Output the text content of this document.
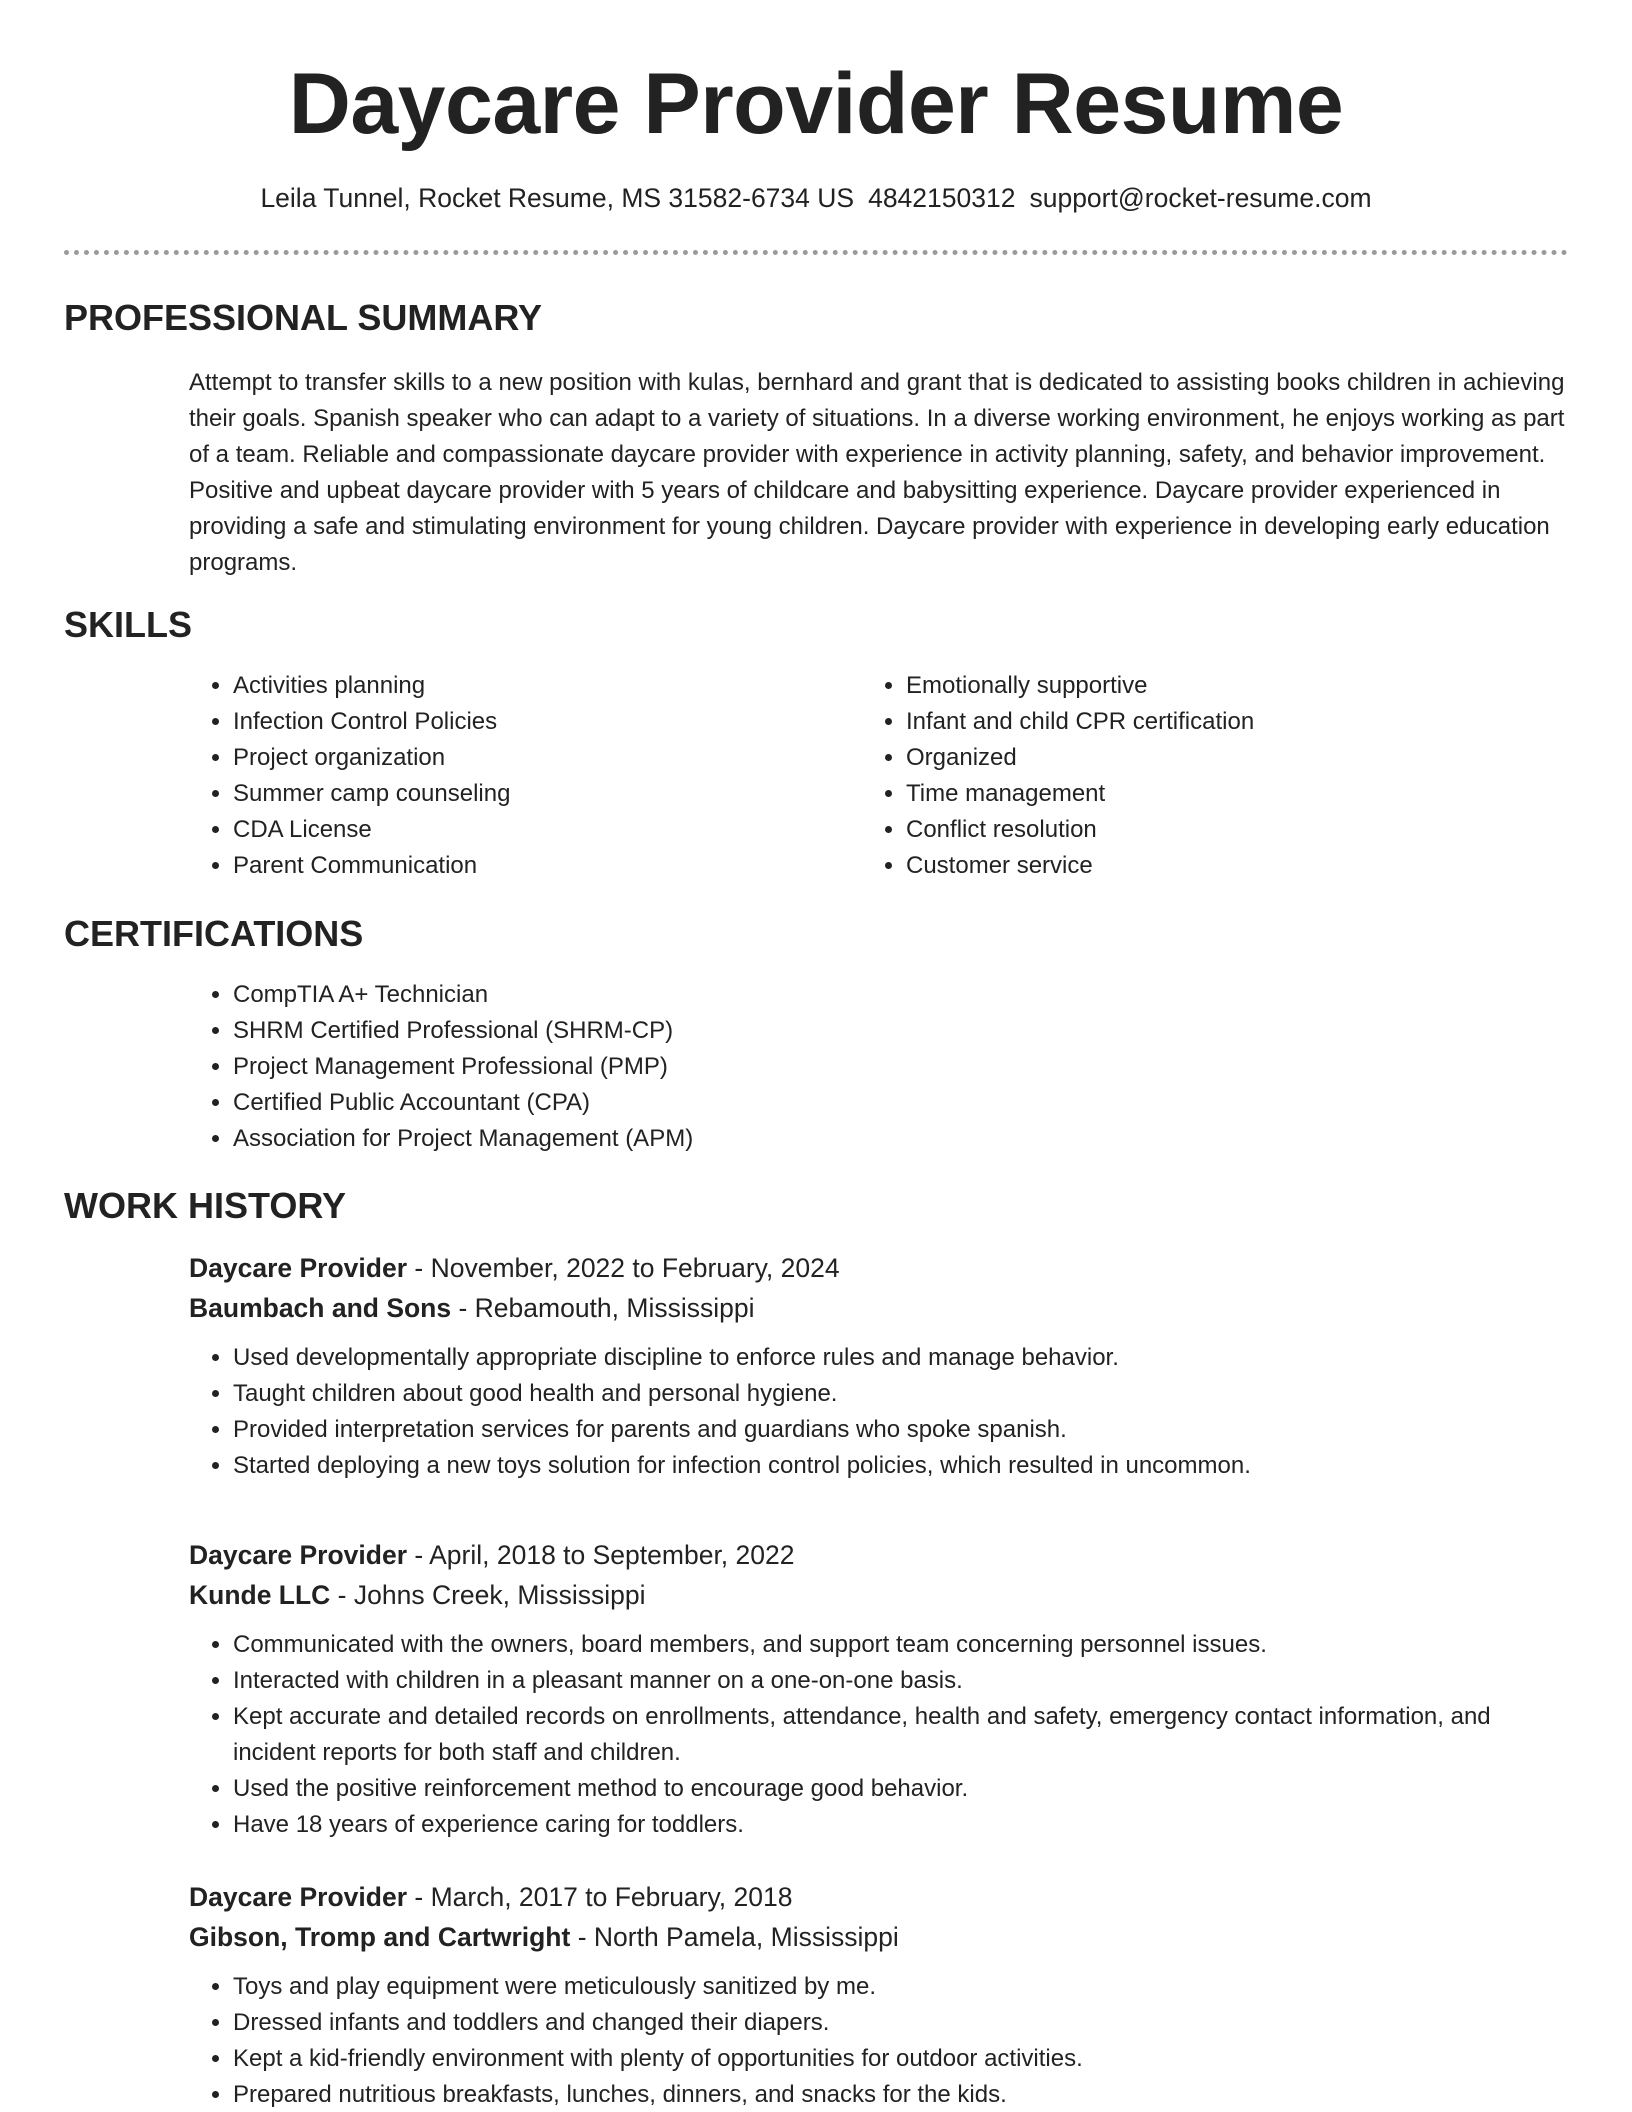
Daycare Provider Resume
Leila Tunnel, Rocket Resume, MS 31582-6734 US 4842150312 support@rocket-resume.com
PROFESSIONAL SUMMARY

Attempt to transfer skills to a new position with kulas, bernhard and grant that is dedicated to assisting books children in achieving their goals. Spanish speaker who can adapt to a variety of situations. In a diverse working environment, he enjoys working as part of a team. Reliable and compassionate daycare provider with experience in activity planning, safety, and behavior improvement. Positive and upbeat daycare provider with 5 years of childcare and babysitting experience. Daycare provider experienced in providing a safe and stimulating environment for young children. Daycare provider with experience in developing early education programs.

SKILLS
• Activities planning
• Infection Control Policies
• Project organization
• Summer camp counseling
• CDA License
• Parent Communication
• Emotionally supportive
• Infant and child CPR certification
• Organized
• Time management
• Conflict resolution
• Customer service
CERTIFICATIONS
• CompTIA A+ Technician
• SHRM Certified Professional (SHRM-CP)
• Project Management Professional (PMP)
• Certified Public Accountant (CPA)
• Association for Project Management (APM)
WORK HISTORY

Daycare Provider - November, 2022 to February, 2024

Baumbach and Sons - Rebamouth, Mississippi

• Used developmentally appropriate discipline to enforce rules and manage behavior.
• Taught children about good health and personal hygiene.
• Provided interpretation services for parents and guardians who spoke spanish.
• Started deploying a new toys solution for infection control policies, which resulted in uncommon.

Daycare Provider - April, 2018 to September, 2022

Kunde LLC - Johns Creek, Mississippi

• Communicated with the owners, board members, and support team concerning personnel issues.
• Interacted with children in a pleasant manner on a one-on-one basis.
• Kept accurate and detailed records on enrollments, attendance, health and safety, emergency contact information, and incident reports for both staff and children.
• Used the positive reinforcement method to encourage good behavior.
• Have 18 years of experience caring for toddlers.

Daycare Provider - March, 2017 to February, 2018

Gibson, Tromp and Cartwright - North Pamela, Mississippi

• Toys and play equipment were meticulously sanitized by me.
• Dressed infants and toddlers and changed their diapers.
• Kept a kid-friendly environment with plenty of opportunities for outdoor activities.
• Prepared nutritious breakfasts, lunches, dinners, and snacks for the kids.
